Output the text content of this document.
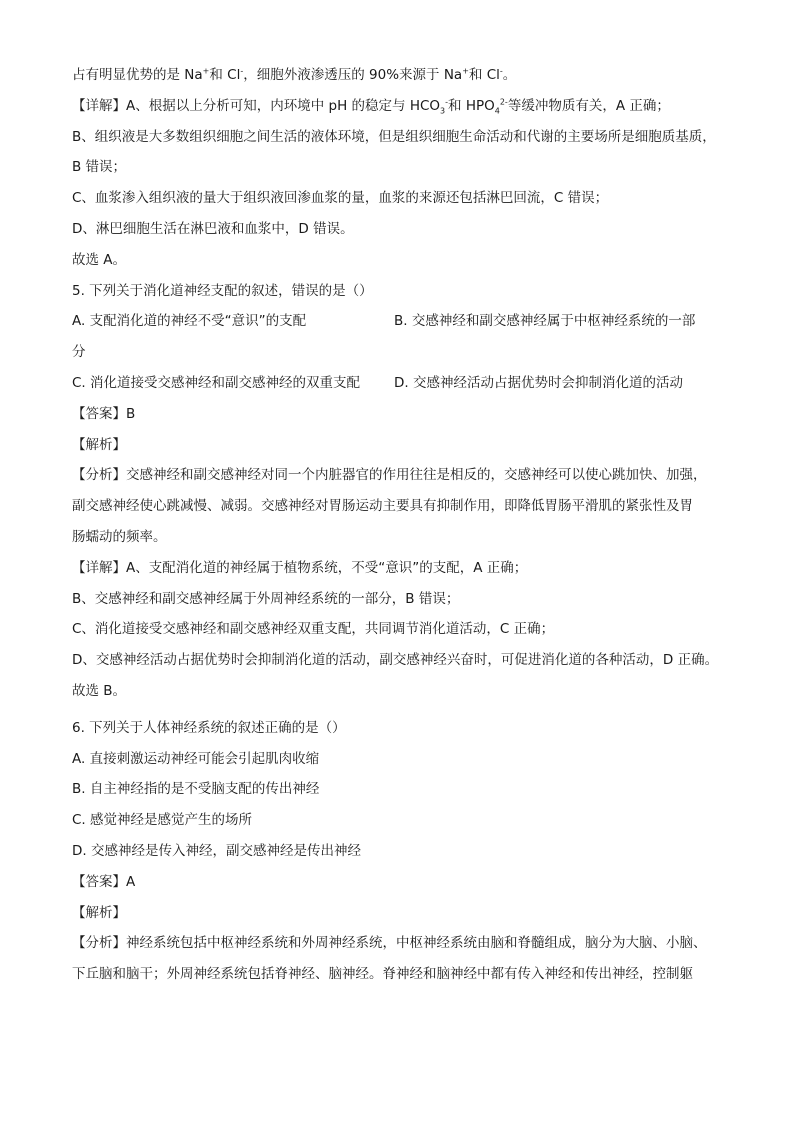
占有明显优势的是 Na+和 Cl-，细胞外液渗透压的 90%来源于 Na+和 Cl-。
【详解】A、根据以上分析可知，内环境中 pH 的稳定与 $HCO_3^-$和 $HPO_4^{2-}$等缓冲物质有关，A 正确；
B、组织液是大多数组织细胞之间生活的液体环境，但是组织细胞生命活动和代谢的主要场所是细胞质基质，
B 错误；
C、血浆渗入组织液的量大于组织液回渗血浆的量，血浆的来源还包括淋巴回流，C 错误；
D、淋巴细胞生活在淋巴液和血浆中，D 错误。
故选 A。
5. 下列关于消化道神经支配的叙述，错误的是（）
A. 支配消化道的神经不受“意识”的支配	B. 交感神经和副交感神经属于中枢神经系统的一部
分
C. 消化道接受交感神经和副交感神经的双重支配	D. 交感神经活动占据优势时会抑制消化道的活动
【答案】B
【解析】
【分析】交感神经和副交感神经对同一个内脏器官的作用往往是相反的，交感神经可以使心跳加快、加强，
副交感神经使心跳减慢、减弱。交感神经对胃肠运动主要具有抑制作用，即降低胃肠平滑肌的紧张性及胃
肠蠕动的频率。
【详解】A、支配消化道的神经属于植物系统，不受“意识”的支配，A 正确；
B、交感神经和副交感神经属于外周神经系统的一部分，B 错误；
C、消化道接受交感神经和副交感神经双重支配，共同调节消化道活动，C 正确；
D、交感神经活动占据优势时会抑制消化道的活动，副交感神经兴奋时，可促进消化道的各种活动，D 正确。
故选 B。
6. 下列关于人体神经系统的叙述正确的是（）
A. 直接刺激运动神经可能会引起肌肉收缩
B. 自主神经指的是不受脑支配的传出神经
C. 感觉神经是感觉产生的场所
D. 交感神经是传入神经，副交感神经是传出神经
【答案】A
【解析】
【分析】神经系统包括中枢神经系统和外周神经系统，中枢神经系统由脑和脊髓组成，脑分为大脑、小脑、
下丘脑和脑干；外周神经系统包括脊神经、脑神经。脊神经和脑神经中都有传入神经和传出神经，控制躯
